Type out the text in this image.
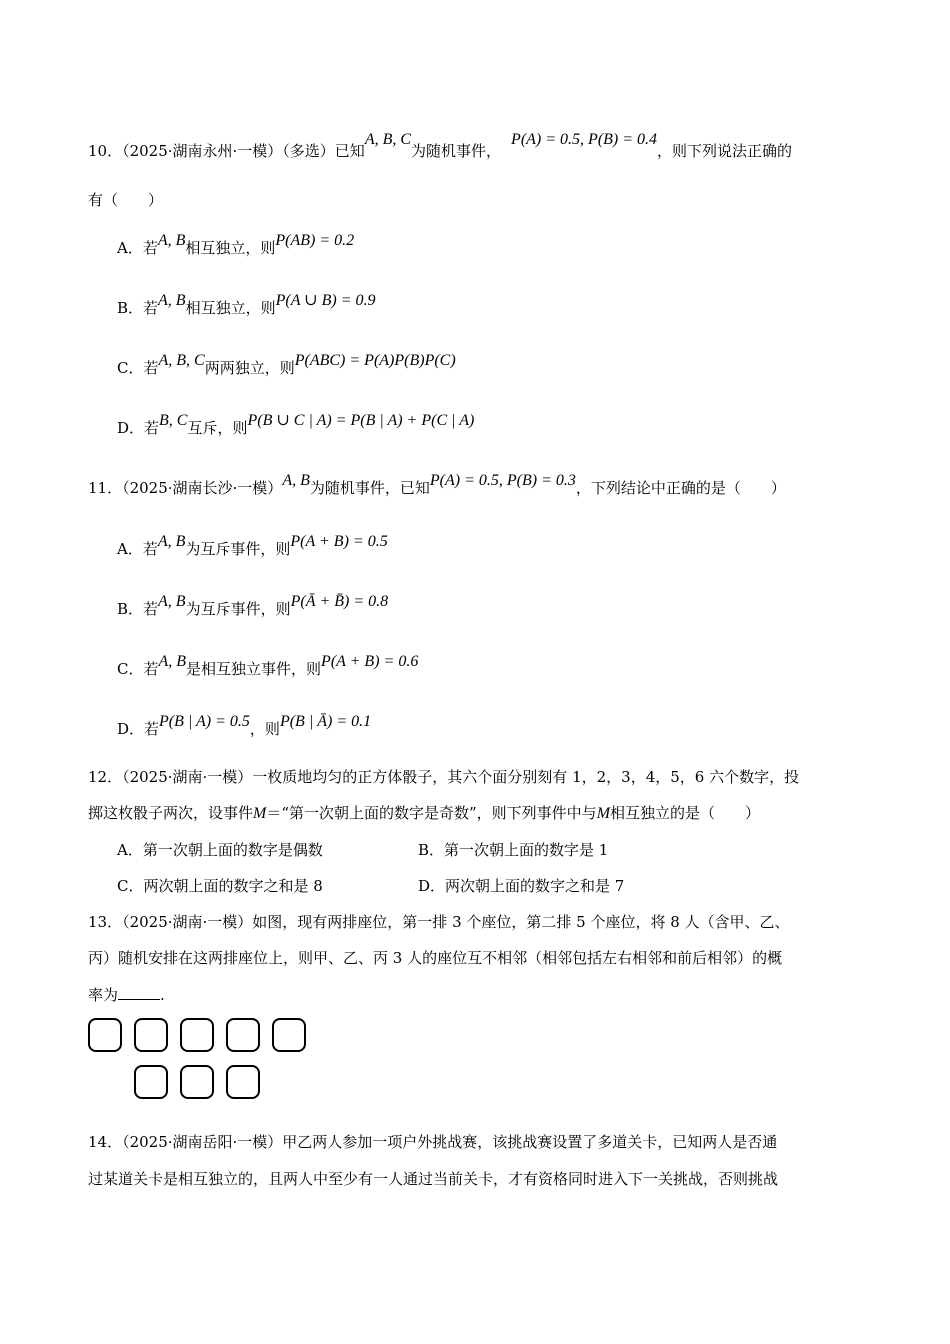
10．（2025·湖南永州·一模）（多选）已知A, B, C为随机事件，P(A) = 0.5, P(B) = 0.4，则下列说法正确的
有（　　）
A．若A, B相互独立，则P(AB) = 0.2
B．若A, B相互独立，则P(A ∪ B) = 0.9
C．若A, B, C两两独立，则P(ABC) = P(A)P(B)P(C)
D．若B, C互斥，则P(B ∪ C | A) = P(B | A) + P(C | A)
11．（2025·湖南长沙·一模）A, B为随机事件，已知P(A) = 0.5, P(B) = 0.3，下列结论中正确的是（　　）
A．若A, B为互斥事件，则P(A + B) = 0.5
B．若A, B为互斥事件，则P(Ā + B̄) = 0.8
C．若A, B是相互独立事件，则P(A + B) = 0.6
D．若P(B | A) = 0.5，则P(B | Ā) = 0.1
12．（2025·湖南·一模）一枚质地均匀的正方体骰子，其六个面分别刻有 1，2，3，4，5，6 六个数字，投
掷这枚骰子两次，设事件M＝“第一次朝上面的数字是奇数”，则下列事件中与M相互独立的是（　　）
A．第一次朝上面的数字是偶数	B．第一次朝上面的数字是 1
C．两次朝上面的数字之和是 8	D．两次朝上面的数字之和是 7
13．（2025·湖南·一模）如图，现有两排座位，第一排 3 个座位，第二排 5 个座位，将 8 人（含甲、乙、
丙）随机安排在这两排座位上，则甲、乙、丙 3 人的座位互不相邻（相邻包括左右相邻和前后相邻）的概
率为	.
14．（2025·湖南岳阳·一模）甲乙两人参加一项户外挑战赛，该挑战赛设置了多道关卡，已知两人是否通
过某道关卡是相互独立的，且两人中至少有一人通过当前关卡，才有资格同时进入下一关挑战，否则挑战
